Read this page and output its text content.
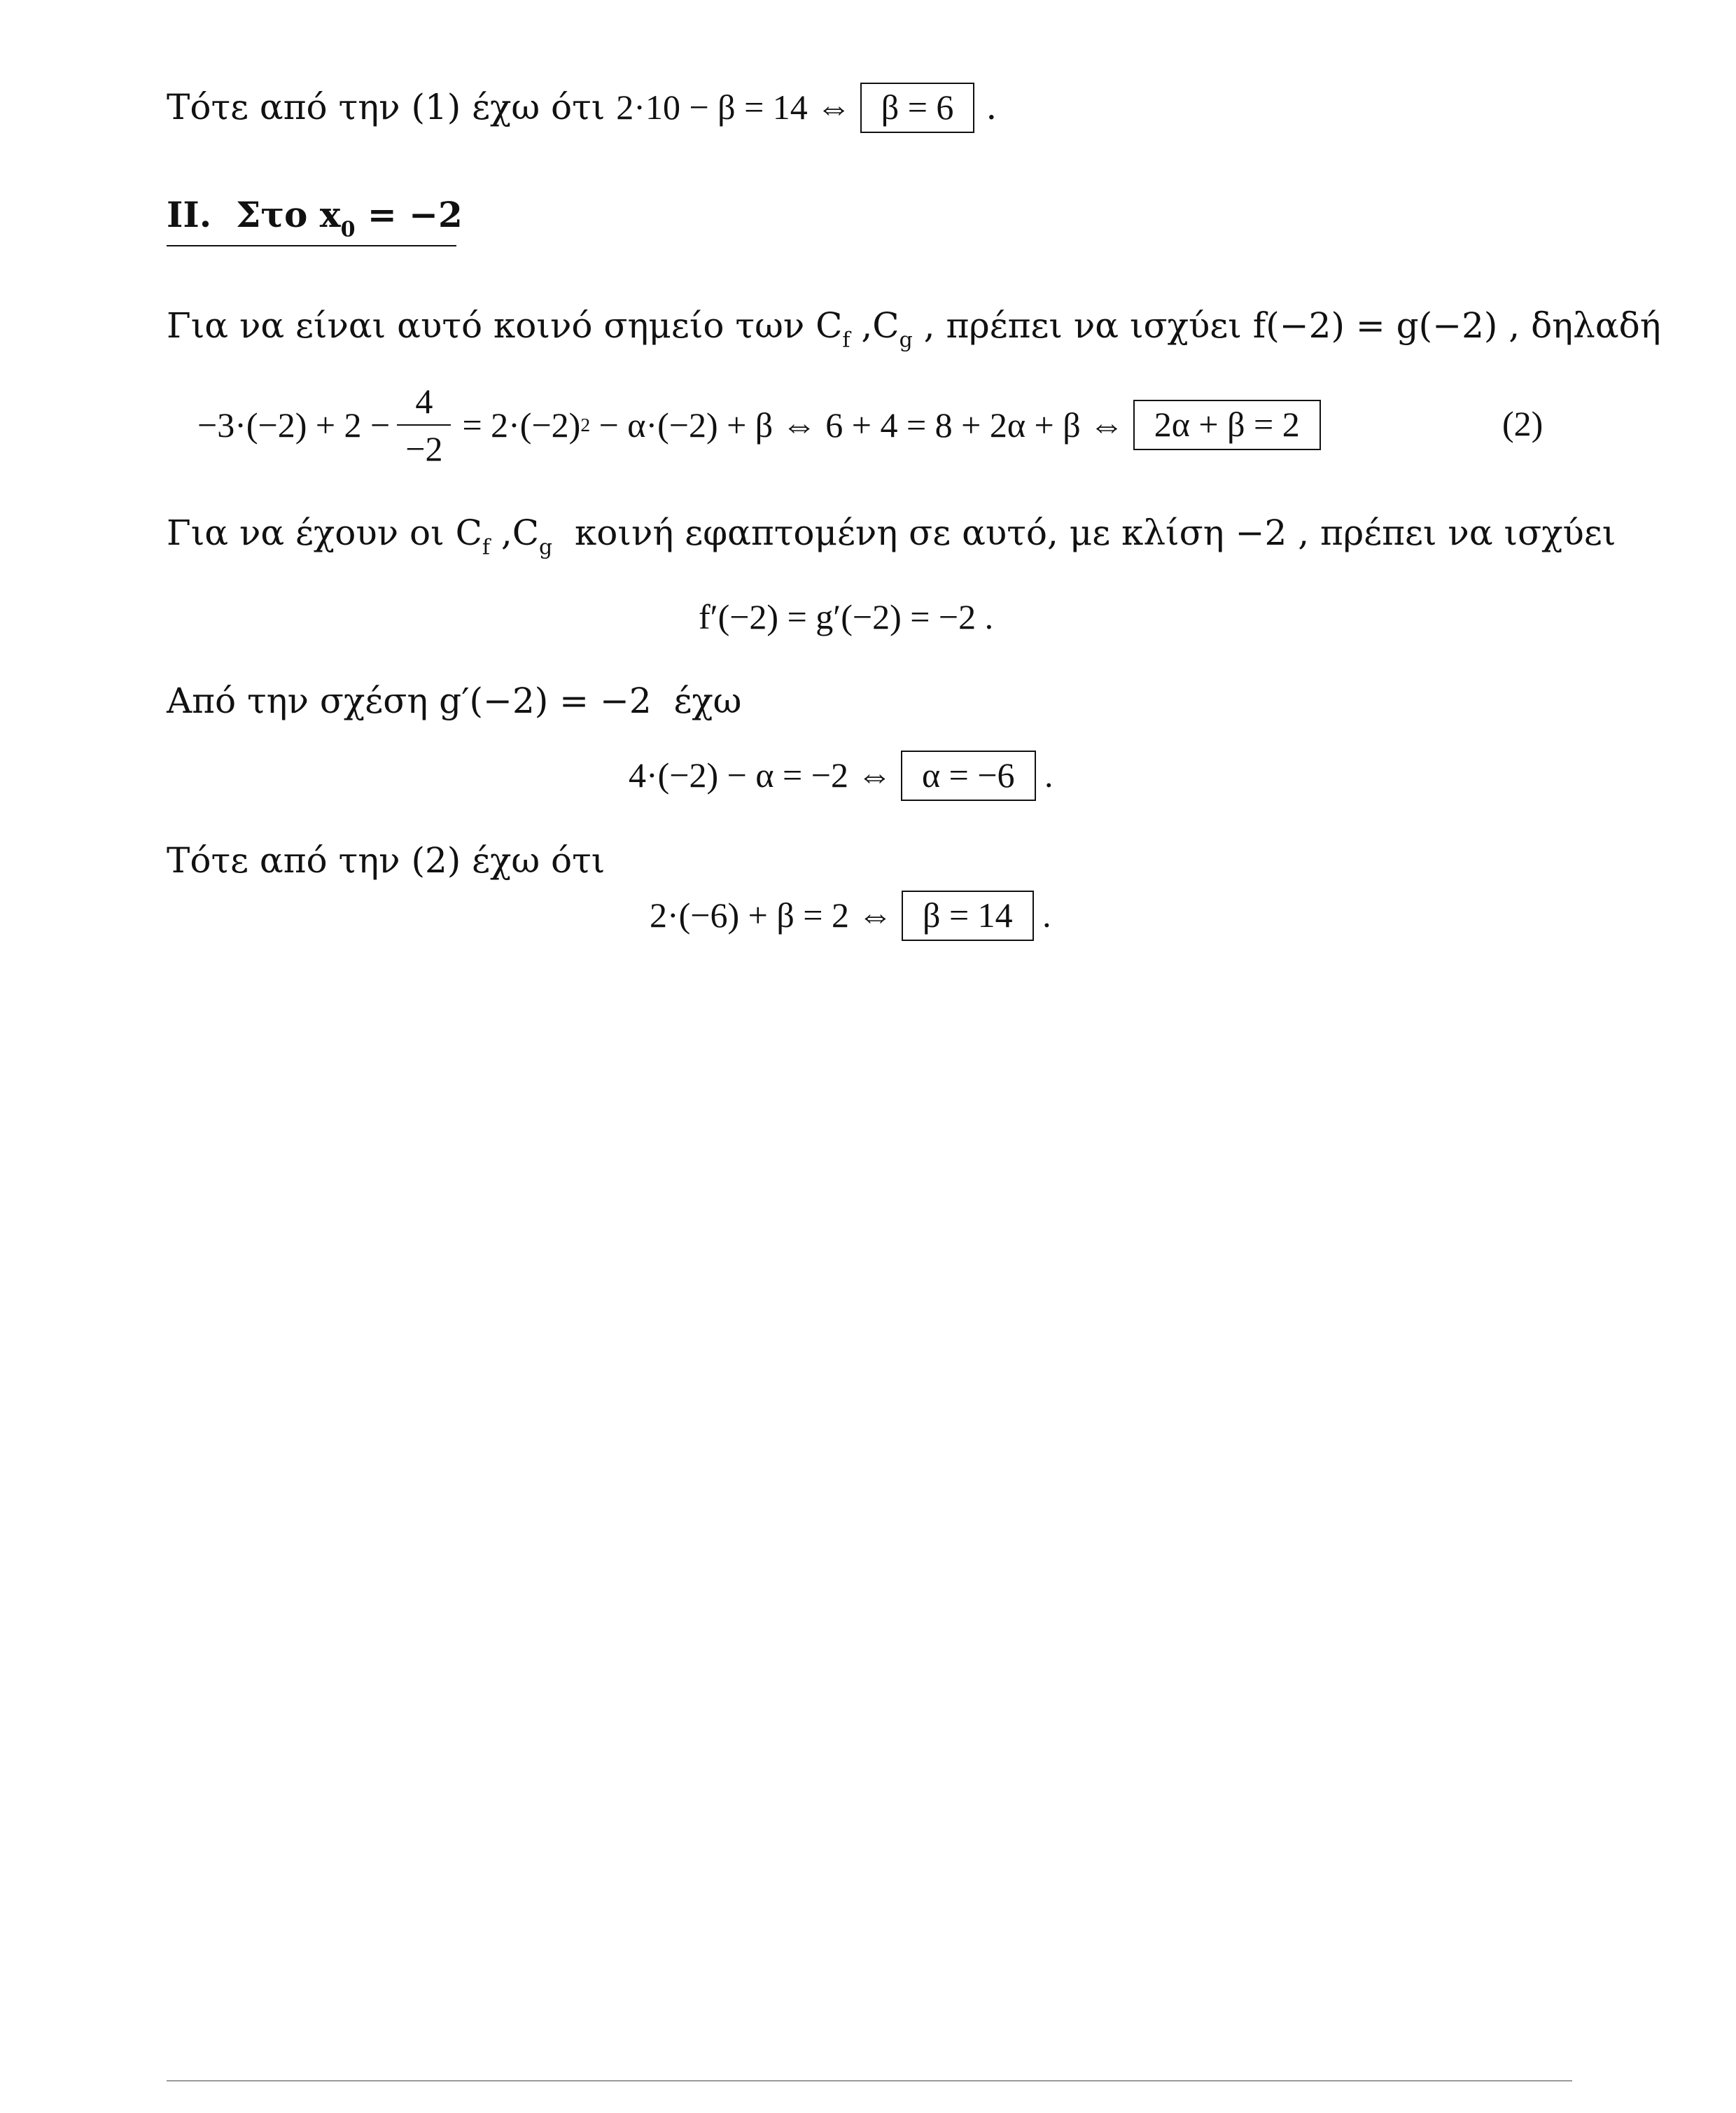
Τότε από την (1) έχω ότι 2·10 − β = 14 ⇔ β = 6 .
ΙΙ. Στο $x_0 = -2$
Για να είναι αυτό κοινό σημείο των $C_f$ $,C_g$ , πρέπει να ισχύει f(−2) = g(−2) , δηλαδή
$-3\cdot(-2) + 2 - \frac{4}{-2} = 2\cdot(-2) 2 - \alpha\cdot(-2) + \beta$ ⇔ 6 + 4 = 8 + 2α + β ⇔ 2α + β = 2	(2)
Για να έχουν οι $C_f$ $,C_g$  κοινή εφαπτομένη σε αυτό, με κλίση −2 , πρέπει να ισχύει
f′(−2) = g′(−2) = −2 .
Από την σχέση g′(−2) = −2  έχω
4·(−2) − α = −2 ⇔ α = −6 .
Τότε από την (2) έχω ότι
2·(−6) + β = 2 ⇔ β = 14 .
